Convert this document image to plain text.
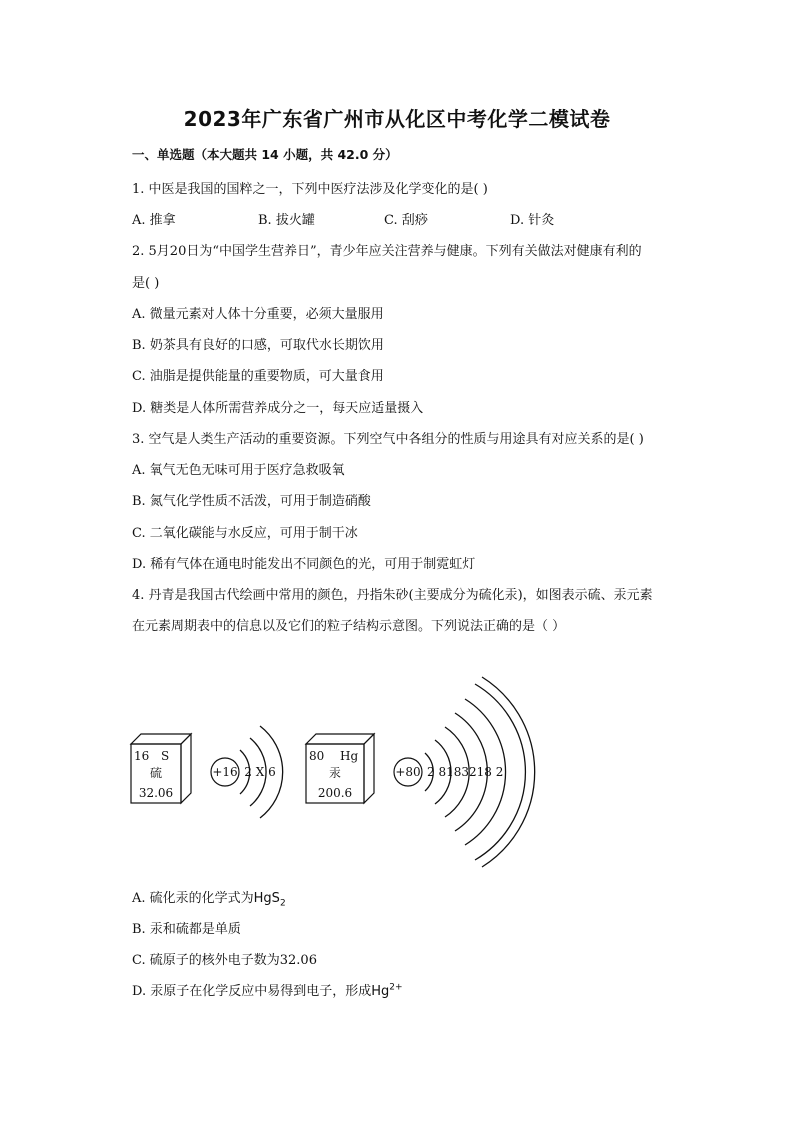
2023年广东省广州市从化区中考化学二模试卷
一、单选题（本大题共 14 小题，共 42.0 分）
1. 中医是我国的国粹之一，下列中医疗法涉及化学变化的是( )
A. 推拿	B. 拔火罐	C. 刮痧	D. 针灸
2. 5月20日为“中国学生营养日”，青少年应关注营养与健康。下列有关做法对健康有利的
是( )
A. 微量元素对人体十分重要，必须大量服用
B. 奶茶具有良好的口感，可取代水长期饮用
C. 油脂是提供能量的重要物质，可大量食用
D. 糖类是人体所需营养成分之一，每天应适量摄入
3. 空气是人类生产活动的重要资源。下列空气中各组分的性质与用途具有对应关系的是( )
A. 氧气无色无味可用于医疗急救吸氧
B. 氮气化学性质不活泼，可用于制造硝酸
C. 二氧化碳能与水反应，可用于制干冰
D. 稀有气体在通电时能发出不同颜色的光，可用于制霓虹灯
4. 丹青是我国古代绘画中常用的颜色，丹指朱砂(主要成分为硫化汞)，如图表示硫、汞元素
在元素周期表中的信息以及它们的粒子结构示意图。下列说法正确的是（ ）
16 S
硫
32.06
+16 2 X 6
80 Hg
汞
200.6
+80 2 8183218 2
A. 硫化汞的化学式为HgS$_2$
B. 汞和硫都是单质
C. 硫原子的核外电子数为32.06
D. 汞原子在化学反应中易得到电子，形成$Hg^{2+}$
